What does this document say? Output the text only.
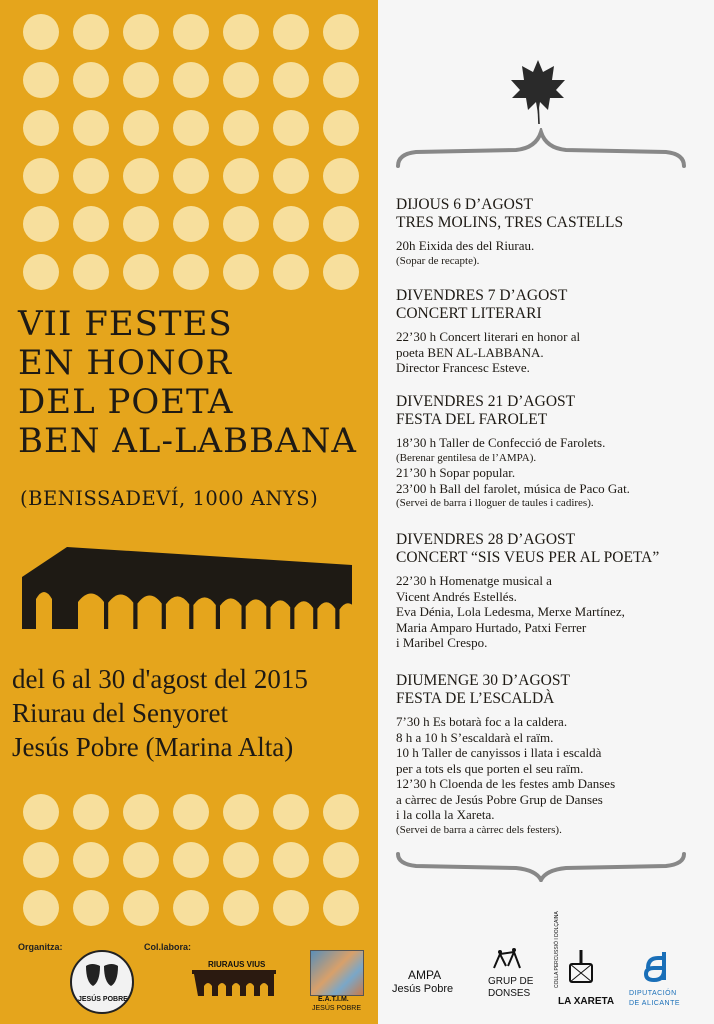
VII FESTES
EN HONOR
DEL POETA
BEN AL-LABBANA
(BENISSADEVÍ, 1000 ANYS)
del 6 al 30 d'agost del 2015
Riurau del Senyoret
Jesús Pobre (Marina Alta)
Organitza:	Col.labora:
JESÚS POBRE
RIURAUS VIUS
E.A.T.I.M.
JESÚS POBRE
DIJOUS 6 D’AGOST
TRES MOLINS, TRES CASTELLS
20h Eixida des del Riurau.
(Sopar de recapte).
DIVENDRES 7 D’AGOST
CONCERT LITERARI
22’30 h Concert literari en honor al
poeta BEN AL-LABBANA.
Director Francesc Esteve.
DIVENDRES 21 D’AGOST
FESTA DEL FAROLET
18’30 h Taller de Confecció de Farolets.
(Berenar gentilesa de l’AMPA).
21’30 h Sopar popular.
23’00 h Ball del farolet, música de Paco Gat.
(Servei de barra i lloguer de taules i cadires).
DIVENDRES 28 D’AGOST
CONCERT “SIS VEUS PER AL POETA”
22’30 h Homenatge musical a
Vicent Andrés Estellés.
Eva Dénia, Lola Ledesma, Merxe Martínez,
Maria Amparo Hurtado, Patxi Ferrer
i Maribel Crespo.
DIUMENGE 30 D’AGOST
FESTA DE L’ESCALDÀ
7’30 h Es botarà foc a la caldera.
8 h a 10 h S’escaldarà el raïm.
10 h Taller de canyissos i llata i escaldà
per a tots els que porten el seu raïm.
12’30 h Cloenda de les festes amb Danses
a càrrec de Jesús Pobre Grup de Danses
i la colla la Xareta.
(Servei de barra a càrrec dels festers).
AMPA
Jesús Pobre
GRUP DE
DONSES
COLLA PERCUSSIÓ I DOLÇAINA
LA XARETA
DIPUTACIÓN
DE ALICANTE
